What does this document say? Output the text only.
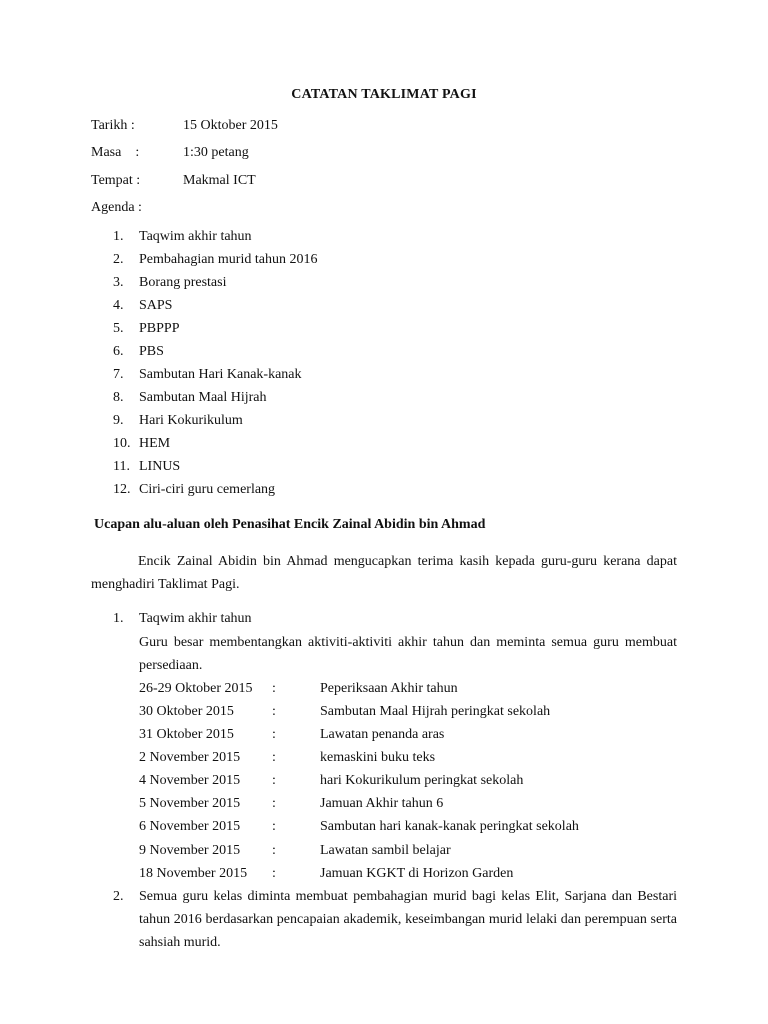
CATATAN TAKLIMAT PAGI
Tarikh :	15 Oktober 2015
Masa    :	1:30 petang
Tempat :	Makmal ICT
Agenda :
1. Taqwim akhir tahun
2. Pembahagian murid tahun 2016
3. Borang prestasi
4. SAPS
5. PBPPP
6. PBS
7. Sambutan Hari Kanak-kanak
8. Sambutan Maal Hijrah
9. Hari Kokurikulum
10. HEM
11. LINUS
12. Ciri-ciri guru cemerlang
Ucapan alu-aluan oleh Penasihat Encik Zainal Abidin bin Ahmad
Encik Zainal Abidin bin Ahmad mengucapkan terima kasih kepada guru-guru kerana dapat menghadiri Taklimat Pagi.
1. Taqwim akhir tahun
Guru besar membentangkan aktiviti-aktiviti akhir tahun dan meminta semua guru membuat persediaan.
26-29 Oktober 2015 :	Peperiksaan Akhir tahun
30 Oktober 2015	:	Sambutan Maal Hijrah peringkat sekolah
31 Oktober 2015	:	Lawatan penanda aras
2 November 2015 :	kemaskini buku teks
4 November 2015 :	hari Kokurikulum peringkat sekolah
5 November 2015 :	Jamuan Akhir tahun 6
6 November 2015 :	Sambutan hari kanak-kanak peringkat sekolah
9 November 2015 :	Lawatan sambil belajar
18 November 2015 :	Jamuan KGKT di Horizon Garden
2. Semua guru kelas diminta membuat pembahagian murid bagi kelas Elit, Sarjana dan Bestari tahun 2016 berdasarkan pencapaian akademik, keseimbangan murid lelaki dan perempuan serta sahsiah murid.
